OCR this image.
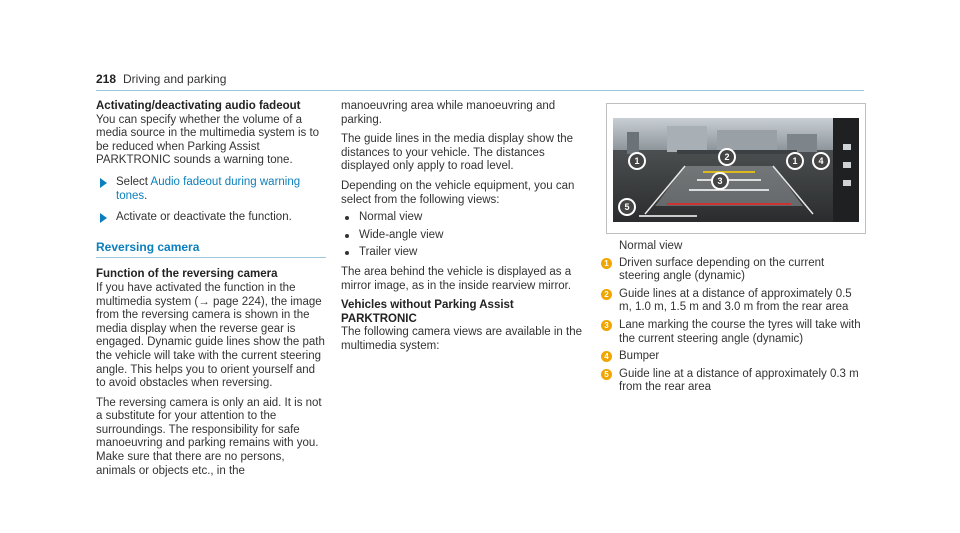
218 Driving and parking

Activating/deactivating audio fadeout

You can specify whether the volume of a media source in the multimedia system is to be reduced when Parking Assist PARKTRONIC sounds a warning tone.

Select Audio fadeout during warning tones.

Activate or deactivate the function.

Reversing camera

Function of the reversing camera

If you have activated the function in the multimedia system (→ page 224), the image from the reversing camera is shown in the media display when the reverse gear is engaged. Dynamic guide lines show the path the vehicle will take with the current steering angle. This helps you to orient yourself and to avoid obstacles when reversing.

The reversing camera is only an aid. It is not a substitute for your attention to the surroundings. The responsibility for safe manoeuvring and parking remains with you. Make sure that there are no persons, animals or objects etc., in the

manoeuvring area while manoeuvring and parking.

The guide lines in the media display show the distances to your vehicle. The distances displayed only apply to road level.

Depending on the vehicle equipment, you can select from the following views:

Normal view
Wide-angle view
Trailer view

The area behind the vehicle is displayed as a mirror image, as in the inside rearview mirror.

Vehicles without Parking Assist PARKTRONIC

The following camera views are available in the multimedia system:

1	2
3
1 4
5

Normal view

1 Driven surface depending on the current steering angle (dynamic)
2 Guide lines at a distance of approximately 0.5 m, 1.0 m, 1.5 m and 3.0 m from the rear area
3 Lane marking the course the tyres will take with the current steering angle (dynamic)
4 Bumper
5 Guide line at a distance of approximately 0.3 m from the rear area
